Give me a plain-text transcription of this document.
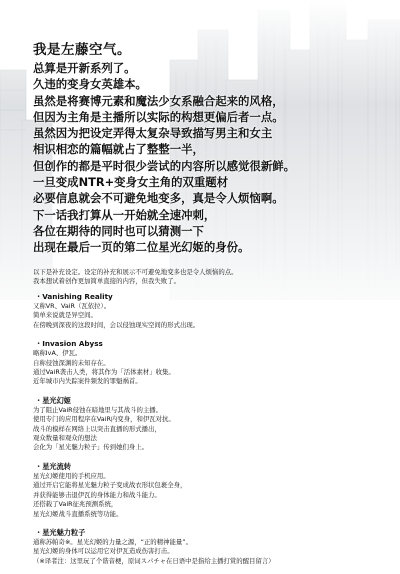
我是左藤空气。
总算是开新系列了。
久违的变身女英雄本。
虽然是将赛博元素和魔法少女系融合起来的风格，
但因为主角是主播所以实际的构想更偏后者一点。
虽然因为把设定弄得太复杂导致描写男主和女主
相识相恋的篇幅就占了整整一半，
但创作的都是平时很少尝试的内容所以感觉很新鲜。
一旦变成NTR+变身女主角的双重题材
必要信息就会不可避免地变多，真是令人烦恼啊。
下一话我打算从一开始就全速冲刺，
各位在期待的同时也可以猜测一下
出现在最后一页的第二位星光幻姬的身份。
以下是补充设定。设定的补充和展示不可避免地变多也是令人烦恼的点。
我本想试着创作更加简单直接的内容，但我失败了。
・Vanishing Reality
又称VR、VaiR（瓦依拉）。
简单来说就是异空间。
在傍晚到深夜的这段时间，会以侵蚀现实空间的形式出现。
・Invasion Abyss
略称IvA、伊瓦。
自称侵蚀深渊的未知存在。
通过VaiR袭击人类，将其作为「活体素材」收集。
近年城市内失踪案件频发的罪魁祸首。
・星光幻姬
为了阻止VaiR侵蚀在暗地里与其战斗的主播。
使用专门的应用程序在VaiR内变身，和伊瓦对抗。
战斗的模样在网络上以突击直播的形式播出，
观众数量和观众的想法
会化为「星光魅力粒子」传到她们身上。
・星光流转
星光幻姬使用的手机应用。
通过开启它能将星光魅力粒子变成战衣形状包裹全身，
并获得能够击退伊瓦的身体能力和战斗能力。
还搭载了VaiR征兆预测系统，
星光幻姬战斗直播系统等功能。
・星光魅力粒子
通称苏帕奇※。星光幻姬的力量之源，“正的精神能量”。
星光幻姬的身体可以运用它对伊瓦造成伤害打击。
（※译者注：这里玩了个谐音梗，原词スパチャ在日语中是指给主播打赏的醒目留言）
